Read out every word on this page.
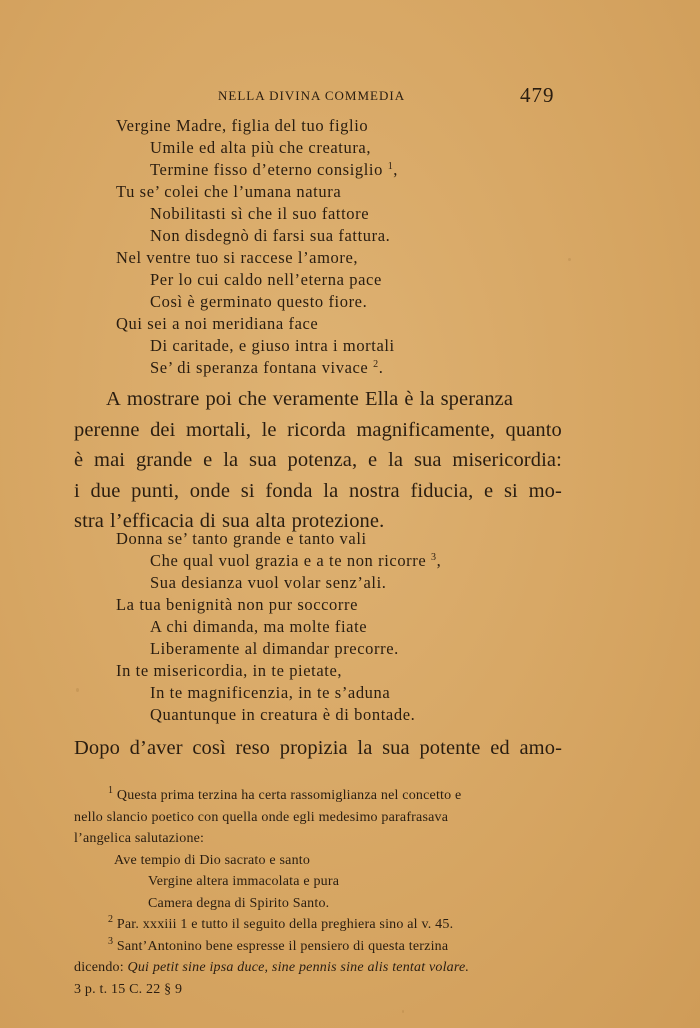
NELLA DIVINA COMMEDIA	479
Vergine Madre, figlia del tuo figlio
Umile ed alta più che creatura,
Termine fisso d’eterno consiglio $^1$,
Tu se’ colei che l’umana natura
Nobilitasti sì che il suo fattore
Non disdegnò di farsi sua fattura.
Nel ventre tuo si raccese l’amore,
Per lo cui caldo nell’eterna pace
Così è germinato questo fiore.
Qui sei a noi meridiana face
Di caritade, e giuso intra i mortali
Se’ di speranza fontana vivace $^2$.
A mostrare poi che veramente Ella è la speranza
perenne dei mortali, le ricorda magnificamente, quanto
è mai grande e la sua potenza, e la sua misericordia:
i due punti, onde si fonda la nostra fiducia, e si mo-
stra l’efficacia di sua alta protezione.
Donna se’ tanto grande e tanto vali
Che qual vuol grazia e a te non ricorre $^3$,
Sua desianza vuol volar senz’ali.
La tua benignità non pur soccorre
A chi dimanda, ma molte fiate
Liberamente al dimandar precorre.
In te misericordia, in te pietate,
In te magnificenzia, in te s’aduna
Quantunque in creatura è di bontade.
Dopo d’aver così reso propizia la sua potente ed amo-
$^1$ Questa prima terzina ha certa rassomiglianza nel concetto e
nello slancio poetico con quella onde egli medesimo parafrasava
l’angelica salutazione:
Ave tempio di Dio sacrato e santo
Vergine altera immacolata e pura
Camera degna di Spirito Santo.
$^2$ Par. xxxiii 1 e tutto il seguito della preghiera sino al v. 45.
$^3$ Sant’Antonino bene espresse il pensiero di questa terzina
dicendo: Qui petit sine ipsa duce, sine pennis sine alis tentat volare.
3 p. t. 15 C. 22 § 9
